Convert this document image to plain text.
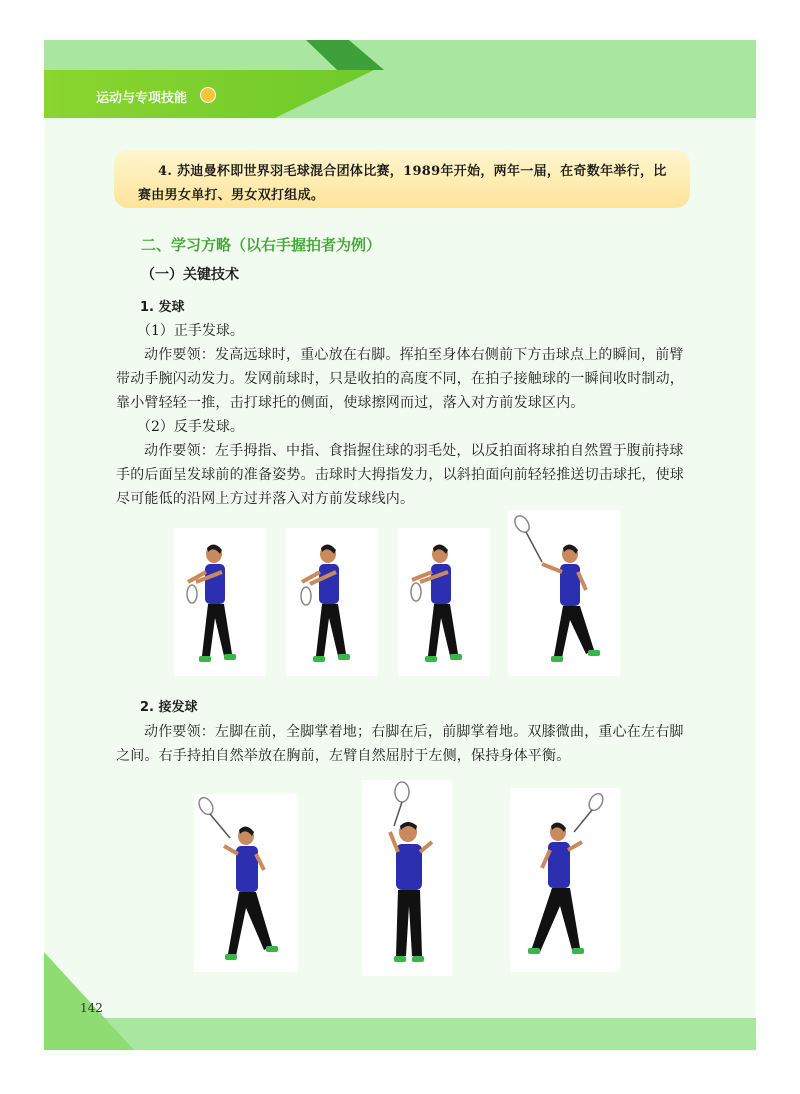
运动与专项技能
4. 苏迪曼杯即世界羽毛球混合团体比赛，1989年开始，两年一届，在奇数年举行，比赛由男女单打、男女双打组成。
二、学习方略（以右手握拍者为例）
（一）关键技术
1. 发球
（1）正手发球。
动作要领：发高远球时，重心放在右脚。挥拍至身体右侧前下方击球点上的瞬间，前臂带动手腕闪动发力。发网前球时，只是收拍的高度不同，在拍子接触球的一瞬间收时制动，靠小臂轻轻一推，击打球托的侧面，使球擦网而过，落入对方前发球区内。
（2）反手发球。
动作要领：左手拇指、中指、食指握住球的羽毛处，以反拍面将球拍自然置于腹前持球手的后面呈发球前的准备姿势。击球时大拇指发力，以斜拍面向前轻轻推送切击球托，使球尽可能低的沿网上方过并落入对方前发球线内。
2. 接发球
动作要领：左脚在前，全脚掌着地；右脚在后，前脚掌着地。双膝微曲，重心在左右脚之间。右手持拍自然举放在胸前，左臂自然屈肘于左侧，保持身体平衡。
142
